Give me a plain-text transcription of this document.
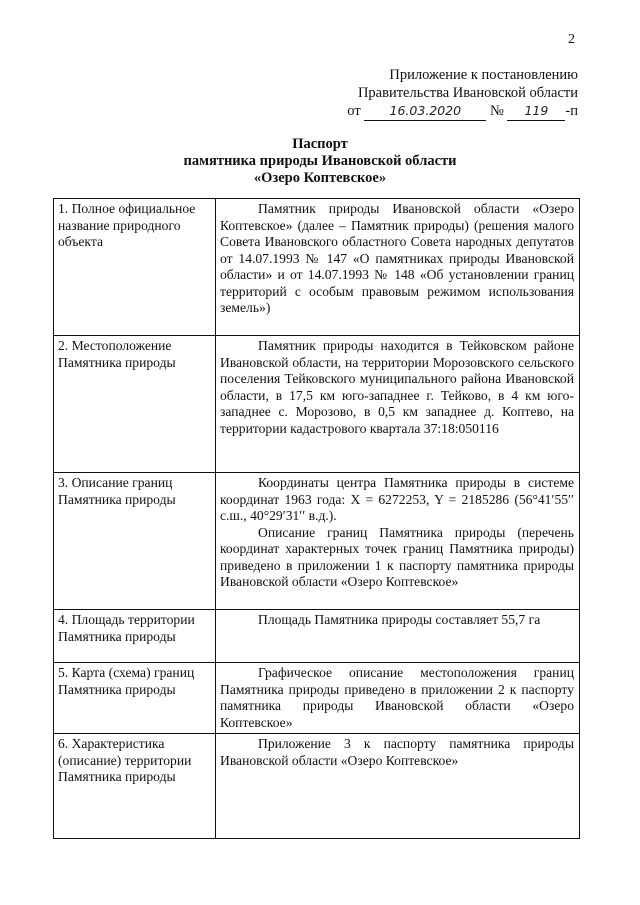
2
Приложение к постановлению
Правительства Ивановской области
от 16.03.2020 № 119 -п
Паспорт
памятника природы Ивановской области
«Озеро Коптевское»
1. Полное официальное название природного объекта	Памятник природы Ивановской области «Озеро Коптевское» (далее – Памятник природы) (решения малого Совета Ивановского областного Совета народных депутатов от 14.07.1993 № 147 «О памятниках природы Ивановской области» и от 14.07.1993 № 148 «Об установлении границ территорий с особым правовым режимом использования земель»)

2. Местоположение Памятника природы	Памятник природы находится в Тейковском районе Ивановской области, на территории Морозовского сельского поселения Тейковского муниципального района Ивановской области, в 17,5 км юго-западнее г. Тейково, в 4 км юго-западнее с. Морозово, в 0,5 км западнее д. Коптево, на территории кадастрового квартала 37:18:050116

3. Описание границ Памятника природы	Координаты центра Памятника природы в системе координат 1963 года: X = 6272253, Y = 2185286 (56°41′55′′ с.ш., 40°29′31′′ в.д.).
Описание границ Памятника природы (перечень координат характерных точек границ Памятника природы) приведено в приложении 1 к паспорту памятника природы Ивановской области «Озеро Коптевское»

4. Площадь территории Памятника природы	Площадь Памятника природы составляет 55,7 га

5. Карта (схема) границ Памятника природы	Графическое описание местоположения границ Памятника природы приведено в приложении 2 к паспорту памятника природы Ивановской области «Озеро Коптевское»

6. Характеристика (описание) территории Памятника природы	Приложение 3 к паспорту памятника природы Ивановской области «Озеро Коптевское»
